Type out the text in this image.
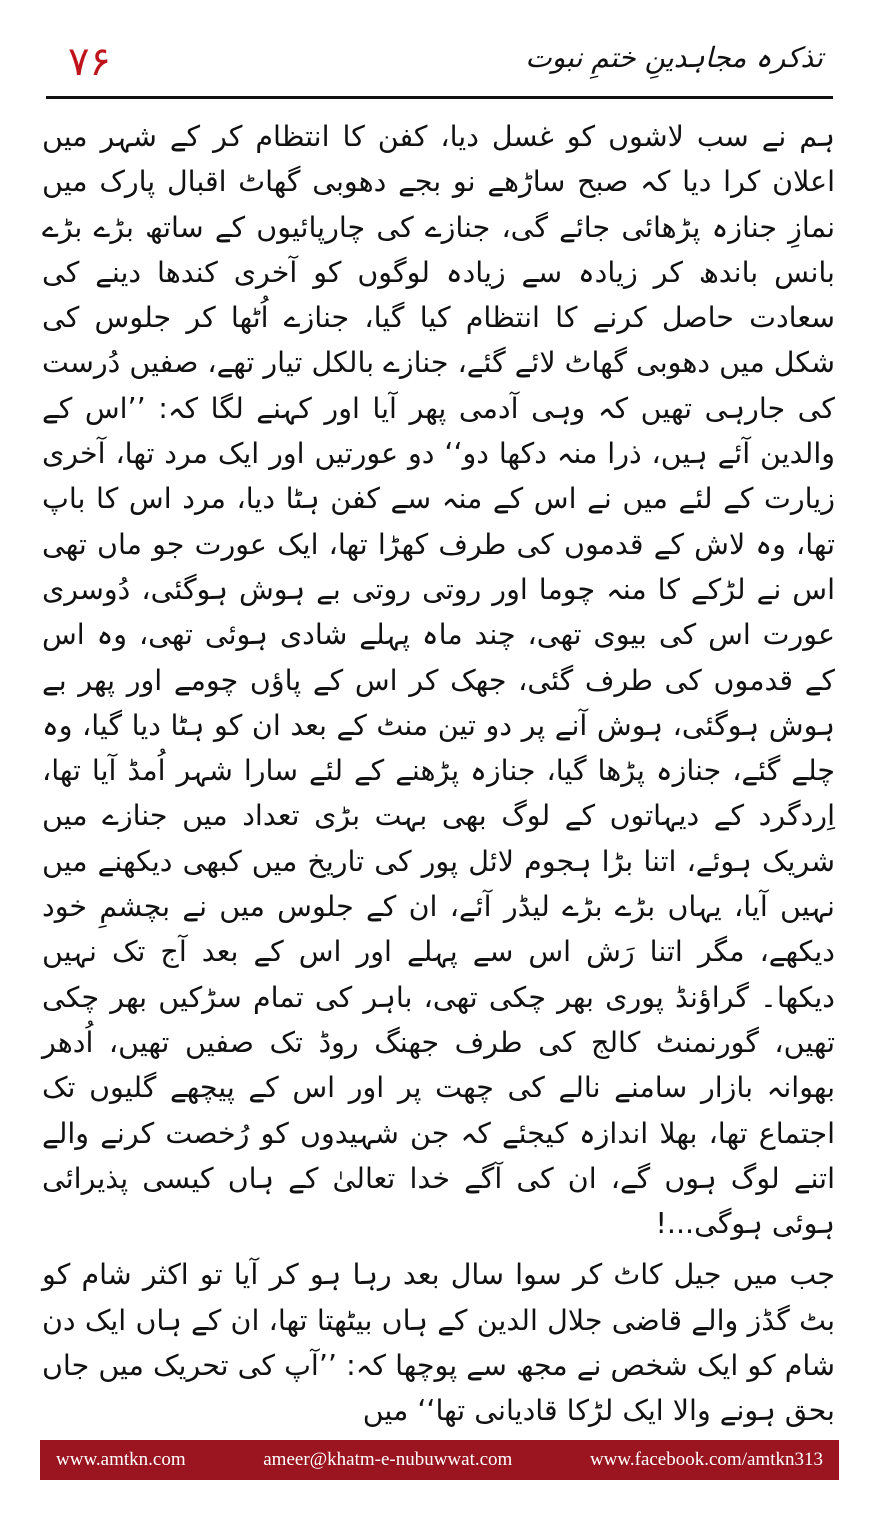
۷۶	تذکرہ مجاہدینِ ختمِ نبوت

ہم نے سب لاشوں کو غسل دیا، کفن کا انتظام کر کے شہر میں اعلان کرا دیا کہ صبح ساڑھے نو بجے دھوبی گھاٹ اقبال پارک میں نمازِ جنازہ پڑھائی جائے گی، جنازے کی چارپائیوں کے ساتھ بڑے بڑے بانس باندھ کر زیادہ سے زیادہ لوگوں کو آخری کندھا دینے کی سعادت حاصل کرنے کا انتظام کیا گیا، جنازے اُٹھا کر جلوس کی شکل میں دھوبی گھاٹ لائے گئے، جنازے بالکل تیار تھے، صفیں دُرست کی جارہی تھیں کہ وہی آدمی پھر آیا اور کہنے لگا کہ: ’’اس کے والدین آئے ہیں، ذرا منہ دکھا دو‘‘ دو عورتیں اور ایک مرد تھا، آخری زیارت کے لئے میں نے اس کے منہ سے کفن ہٹا دیا، مرد اس کا باپ تھا، وہ لاش کے قدموں کی طرف کھڑا تھا، ایک عورت جو ماں تھی اس نے لڑکے کا منہ چوما اور روتی روتی بے ہوش ہوگئی، دُوسری عورت اس کی بیوی تھی، چند ماہ پہلے شادی ہوئی تھی، وہ اس کے قدموں کی طرف گئی، جھک کر اس کے پاؤں چومے اور پھر بے ہوش ہوگئی، ہوش آنے پر دو تین منٹ کے بعد ان کو ہٹا دیا گیا، وہ چلے گئے، جنازہ پڑھا گیا، جنازہ پڑھنے کے لئے سارا شہر اُمڈ آیا تھا، اِردگرد کے دیہاتوں کے لوگ بھی بہت بڑی تعداد میں جنازے میں شریک ہوئے، اتنا بڑا ہجوم لائل پور کی تاریخ میں کبھی دیکھنے میں نہیں آیا، یہاں بڑے بڑے لیڈر آئے، ان کے جلوس میں نے بچشمِ خود دیکھے، مگر اتنا رَش اس سے پہلے اور اس کے بعد آج تک نہیں دیکھا۔ گراؤنڈ پوری بھر چکی تھی، باہر کی تمام سڑکیں بھر چکی تھیں، گورنمنٹ کالج کی طرف جھنگ روڈ تک صفیں تھیں، اُدھر بھوانہ بازار سامنے نالے کی چھت پر اور اس کے پیچھے گلیوں تک اجتماع تھا، بھلا اندازہ کیجئے کہ جن شہیدوں کو رُخصت کرنے والے اتنے لوگ ہوں گے، ان کی آگے خدا تعالیٰ کے ہاں کیسی پذیرائی ہوئی ہوگی...!

جب میں جیل کاٹ کر سوا سال بعد رہا ہو کر آیا تو اکثر شام کو بٹ گڈز والے قاضی جلال الدین کے ہاں بیٹھتا تھا، ان کے ہاں ایک دن شام کو ایک شخص نے مجھ سے پوچھا کہ: ’’آپ کی تحریک میں جاں بحق ہونے والا ایک لڑکا قادیانی تھا‘‘ میں

www.amtkn.com	ameer@khatm-e-nubuwwat.com	www.facebook.com/amtkn313
